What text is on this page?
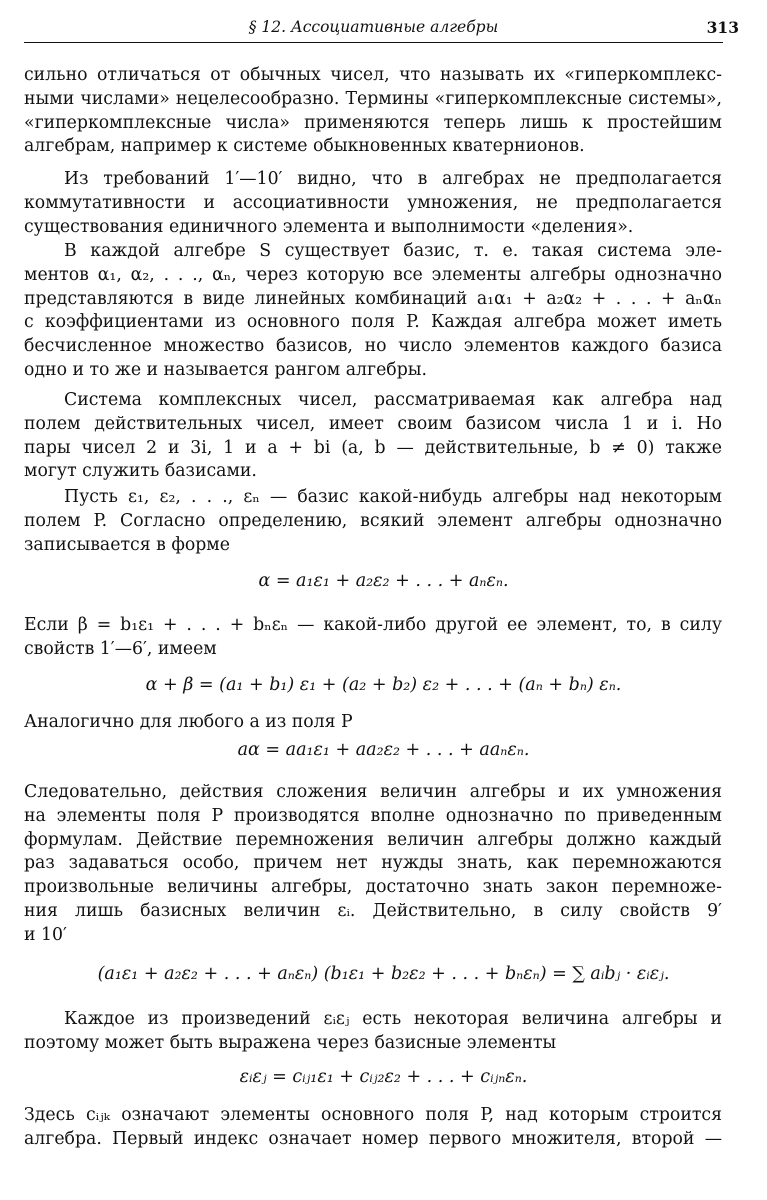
§ 12. Ассоциативные алгебры	313
сильно отличаться от обычных чисел, что называть их «гиперкомплекс-
ными числами» нецелесообразно. Термины «гиперкомплексные системы»,
«гиперкомплексные числа» применяются теперь лишь к простейшим
алгебрам, например к системе обыкновенных кватернионов.
Из требований 1′—10′ видно, что в алгебрах не предполагается
коммутативности и ассоциативности умножения, не предполагается
существования единичного элемента и выполнимости «деления».
В каждой алгебре S существует базис, т. е. такая система эле-
ментов α₁, α₂, . . ., αₙ, через которую все элементы алгебры однозначно
представляются в виде линейных комбинаций a₁α₁ + a₂α₂ + . . . + aₙαₙ
с коэффициентами из основного поля P. Каждая алгебра может иметь
бесчисленное множество базисов, но число элементов каждого базиса
одно и то же и называется рангом алгебры.
Система комплексных чисел, рассматриваемая как алгебра над
полем действительных чисел, имеет своим базисом числа 1 и i. Но
пары чисел 2 и 3i, 1 и a + bi (a, b — действительные, b ≠ 0) также
могут служить базисами.
Пусть ε₁, ε₂, . . ., εₙ — базис какой-нибудь алгебры над некоторым
полем P. Согласно определению, всякий элемент алгебры однозначно
записывается в форме
α = a₁ε₁ + a₂ε₂ + . . . + aₙεₙ.
Если β = b₁ε₁ + . . . + bₙεₙ — какой-либо другой ее элемент, то, в силу
свойств 1′—6′, имеем
α + β = (a₁ + b₁) ε₁ + (a₂ + b₂) ε₂ + . . . + (aₙ + bₙ) εₙ.
Аналогично для любого a из поля P
aα = aa₁ε₁ + aa₂ε₂ + . . . + aaₙεₙ.
Следовательно, действия сложения величин алгебры и их умножения
на элементы поля P производятся вполне однозначно по приведенным
формулам. Действие перемножения величин алгебры должно каждый
раз задаваться особо, причем нет нужды знать, как перемножаются
произвольные величины алгебры, достаточно знать закон перемноже-
ния лишь базисных величин εᵢ. Действительно, в силу свойств 9′
и 10′
(a₁ε₁ + a₂ε₂ + . . . + aₙεₙ) (b₁ε₁ + b₂ε₂ + . . . + bₙεₙ) = ∑ aᵢbⱼ · εᵢεⱼ.
Каждое из произведений εᵢεⱼ есть некоторая величина алгебры и
поэтому может быть выражена через базисные элементы
εᵢεⱼ = cᵢⱼ₁ε₁ + cᵢⱼ₂ε₂ + . . . + cᵢⱼₙεₙ.
Здесь cᵢⱼₖ означают элементы основного поля P, над которым строится
алгебра. Первый индекс означает номер первого множителя, второй —
